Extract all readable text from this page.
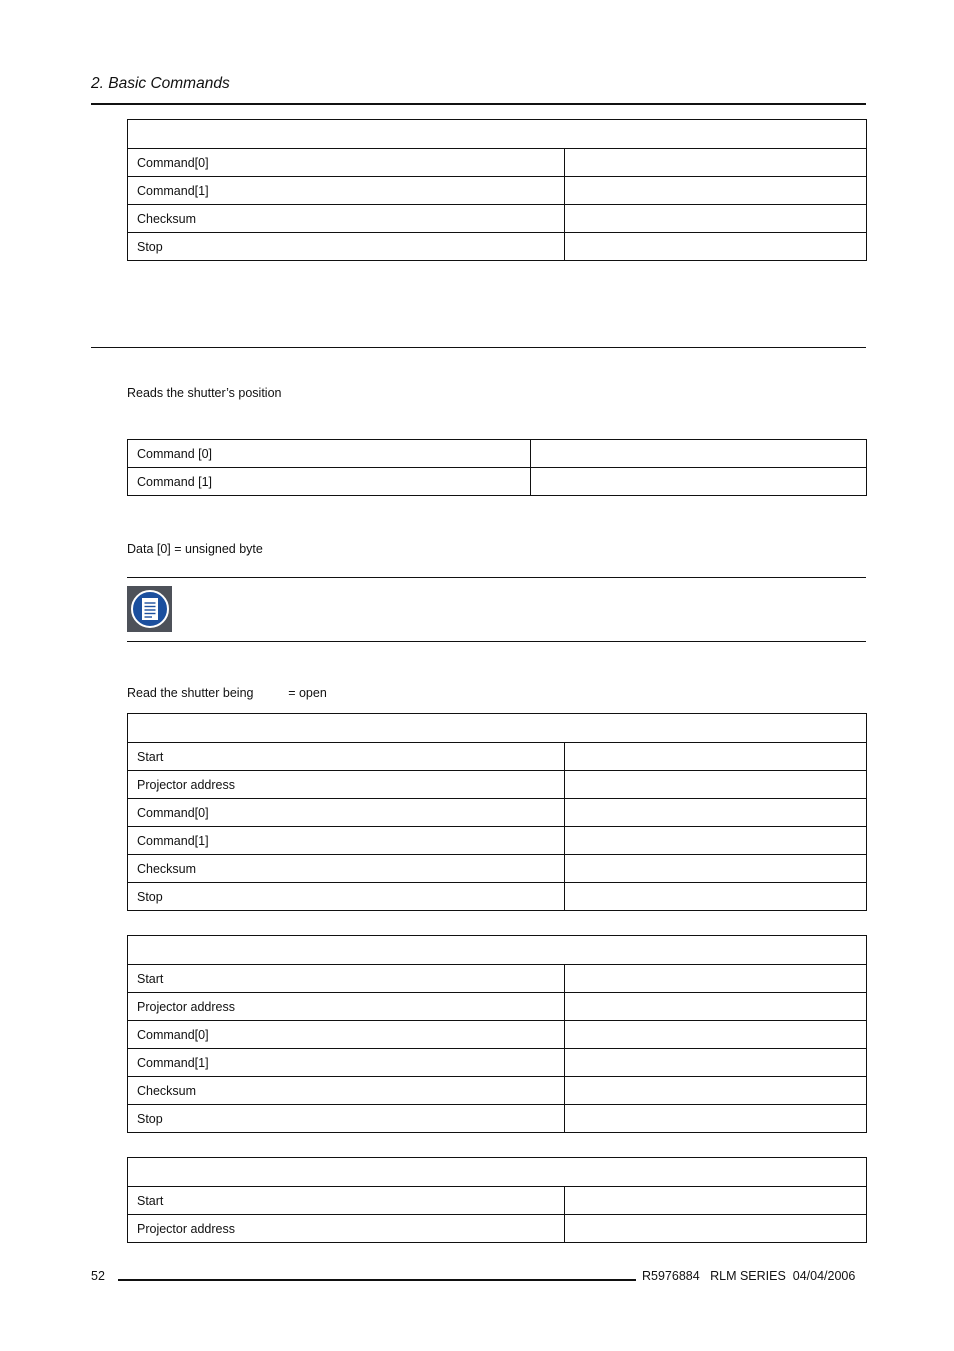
2. Basic Commands

Command[0]	
Command[1]	
Checksum	
Stop	
Reads the shutter’s position
Command [0]	
Command [1]	
Data [0] = unsigned byte
Read the shutter being          = open

Start	
Projector address	
Command[0]	
Command[1]	
Checksum	
Stop	

Start	
Projector address	
Command[0]	
Command[1]	
Checksum	
Stop	

Start	
Projector address	
52	R5976884   RLM SERIES  04/04/2006
